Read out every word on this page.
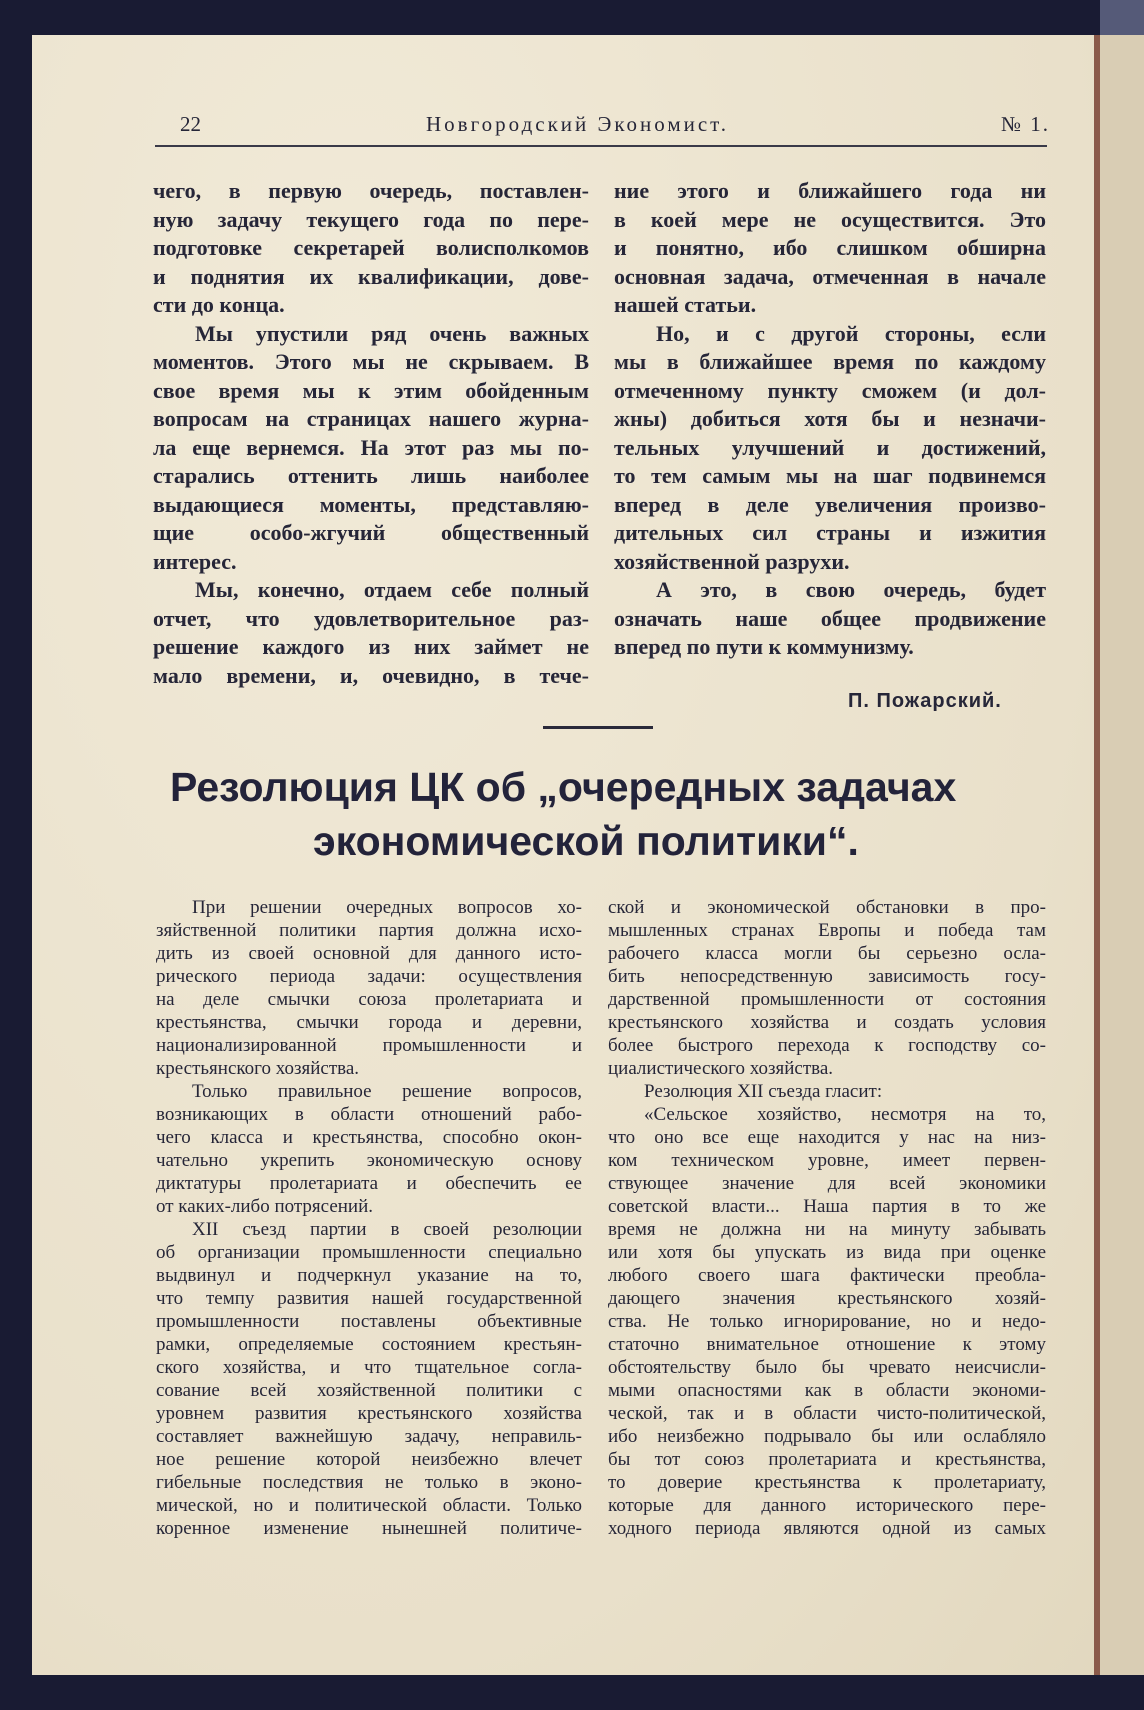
22	Новгородский Экономист.	№ 1.
чего, в первую очередь, поставлен-
ную задачу текущего года по пере-
подготовке секретарей волисполкомов
и поднятия их квалификации, дове-
сти до конца.
Мы упустили ряд очень важных
моментов. Этого мы не скрываем. В
свое время мы к этим обойденным
вопросам на страницах нашего журна-
ла еще вернемся. На этот раз мы по-
старались оттенить лишь наиболее
выдающиеся моменты, представляю-
щие особо-жгучий общественный
интерес.
Мы, конечно, отдаем себе полный
отчет, что удовлетворительное раз-
решение каждого из них займет не
мало времени, и, очевидно, в тече-
ние этого и ближайшего года ни
в коей мере не осуществится. Это
и понятно, ибо слишком обширна
основная задача, отмеченная в начале
нашей статьи.
Но, и с другой стороны, если
мы в ближайшее время по каждому
отмеченному пункту сможем (и дол-
жны) добиться хотя бы и незначи-
тельных улучшений и достижений,
то тем самым мы на шаг подвинемся
вперед в деле увеличения произво-
дительных сил страны и изжития
хозяйственной разрухи.
А это, в свою очередь, будет
означать наше общее продвижение
вперед по пути к коммунизму.
П. Пожарский.
Резолюция ЦК об „очередных задачах
экономической политики“.
При решении очередных вопросов хо-
зяйственной политики партия должна исхо-
дить из своей основной для данного исто-
рического периода задачи: осуществления
на деле смычки союза пролетариата и
крестьянства, смычки города и деревни,
национализированной промышленности и
крестьянского хозяйства.
Только правильное решение вопросов,
возникающих в области отношений рабо-
чего класса и крестьянства, способно окон-
чательно укрепить экономическую основу
диктатуры пролетариата и обеспечить ее
от каких-либо потрясений.
XII съезд партии в своей резолюции
об организации промышленности специально
выдвинул и подчеркнул указание на то,
что темпу развития нашей государственной
промышленности поставлены объективные
рамки, определяемые состоянием крестьян-
ского хозяйства, и что тщательное согла-
сование всей хозяйственной политики с
уровнем развития крестьянского хозяйства
составляет важнейшую задачу, неправиль-
ное решение которой неизбежно влечет
гибельные последствия не только в эконо-
мической, но и политической области. Только
коренное изменение нынешней политиче-
ской и экономической обстановки в про-
мышленных странах Европы и победа там
рабочего класса могли бы серьезно осла-
бить непосредственную зависимость госу-
дарственной промышленности от состояния
крестьянского хозяйства и создать условия
более быстрого перехода к господству со-
циалистического хозяйства.
Резолюция XII съезда гласит:
«Сельское хозяйство, несмотря на то,
что оно все еще находится у нас на низ-
ком техническом уровне, имеет первен-
ствующее значение для всей экономики
советской власти... Наша партия в то же
время не должна ни на минуту забывать
или хотя бы упускать из вида при оценке
любого своего шага фактически преобла-
дающего значения крестьянского хозяй-
ства. Не только игнорирование, но и недо-
статочно внимательное отношение к этому
обстоятельству было бы чревато неисчисли-
мыми опасностями как в области экономи-
ческой, так и в области чисто-политической,
ибо неизбежно подрывало бы или ослабляло
бы тот союз пролетариата и крестьянства,
то доверие крестьянства к пролетариату,
которые для данного исторического пере-
ходного периода являются одной из самых
